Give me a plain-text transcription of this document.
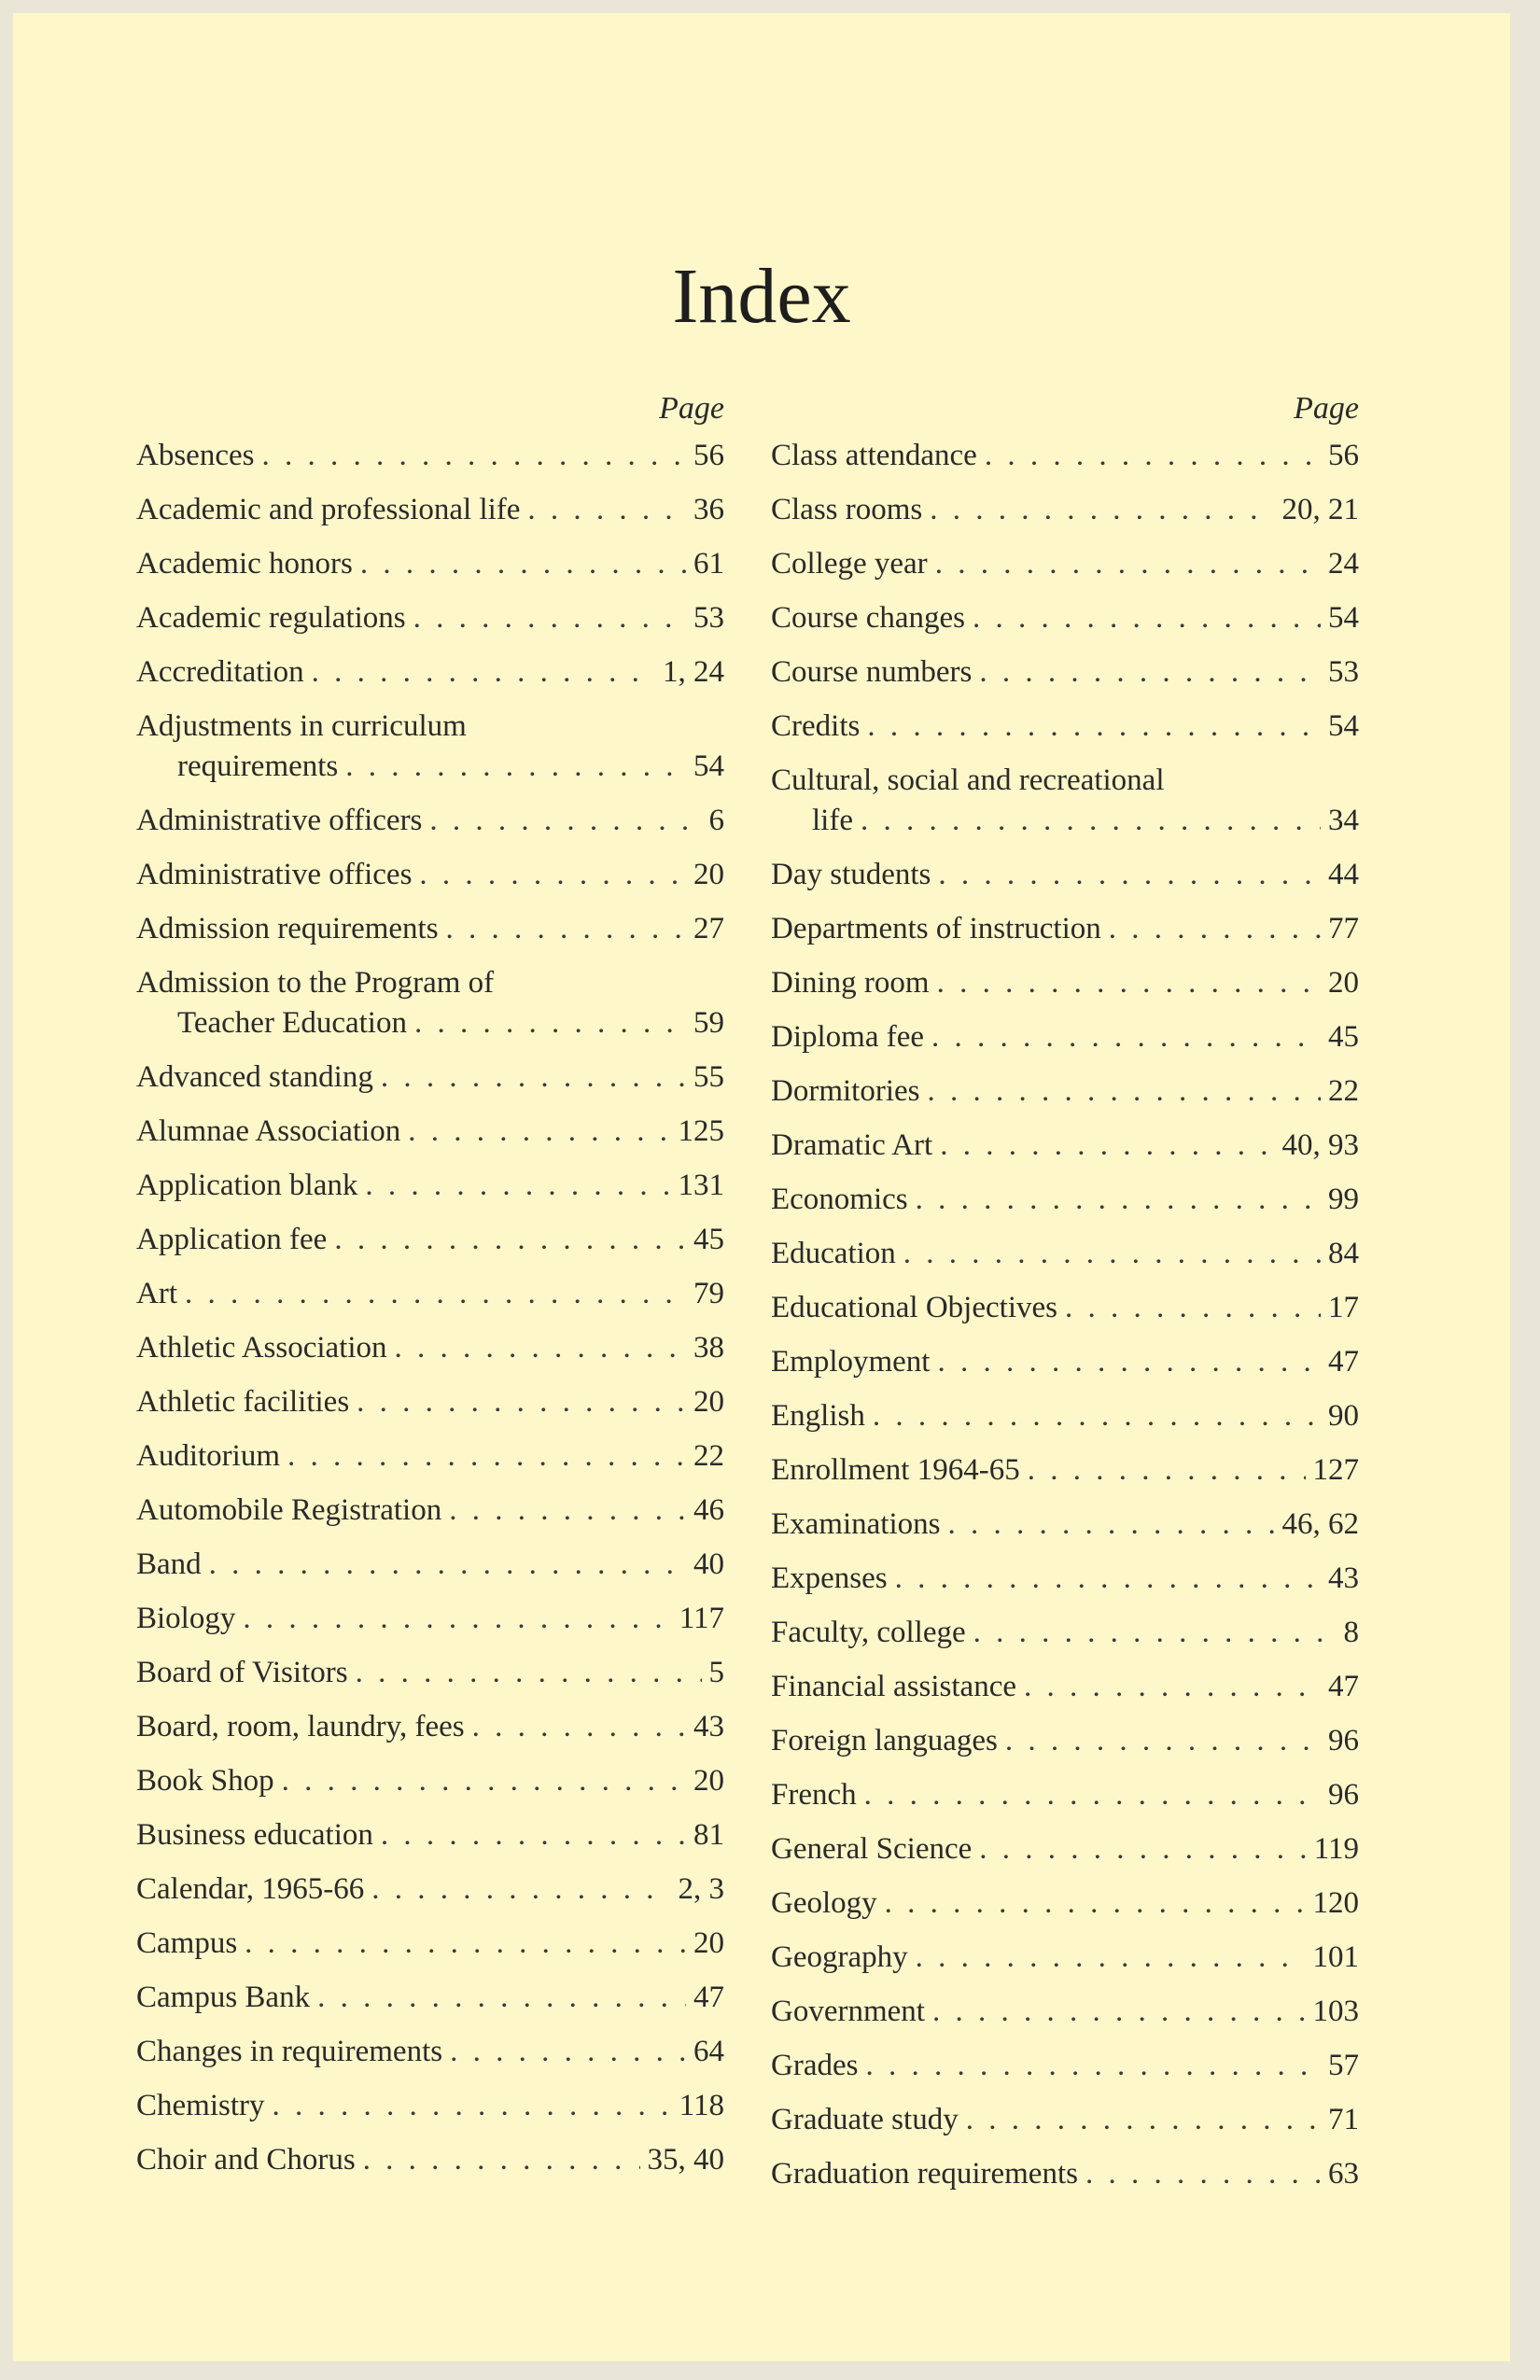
Index
Page
Absences . . .	56
Academic and professional life . . .	36
Academic honors . . .	61
Academic regulations . . .	53
Accreditation . . .	1, 24
Adjustments in curriculum
requirements . . .	54
Administrative officers . . .	6
Administrative offices . . .	20
Admission requirements . . .	27
Admission to the Program of
Teacher Education . . .	59
Advanced standing . . .	55
Alumnae Association . . .	125
Application blank . . .	131
Application fee . . .	45
Art . . .	79
Athletic Association . . .	38
Athletic facilities . . .	20
Auditorium . . .	22
Automobile Registration . . .	46
Band . . .	40
Biology . . .	117
Board of Visitors . . .	5
Board, room, laundry, fees . . .	43
Book Shop . . .	20
Business education . . .	81
Calendar, 1965-66 . . .	2, 3
Campus . . .	20
Campus Bank . . .	47
Changes in requirements . . .	64
Chemistry . . .	118
Choir and Chorus . . .	35, 40
Page
Class attendance . . .	56
Class rooms . . .	20, 21
College year . . .	24
Course changes . . .	54
Course numbers . . .	53
Credits . . .	54
Cultural, social and recreational
life . . .	34
Day students . . .	44
Departments of instruction . . .	77
Dining room . . .	20
Diploma fee . . .	45
Dormitories . . .	22
Dramatic Art . . .	40, 93
Economics . . .	99
Education . . .	84
Educational Objectives . . .	17
Employment . . .	47
English . . .	90
Enrollment 1964-65 . . .	127
Examinations . . .	46, 62
Expenses . . .	43
Faculty, college . . .	8
Financial assistance . . .	47
Foreign languages . . .	96
French . . .	96
General Science . . .	119
Geology . . .	120
Geography . . .	101
Government . . .	103
Grades . . .	57
Graduate study . . .	71
Graduation requirements . . .	63
